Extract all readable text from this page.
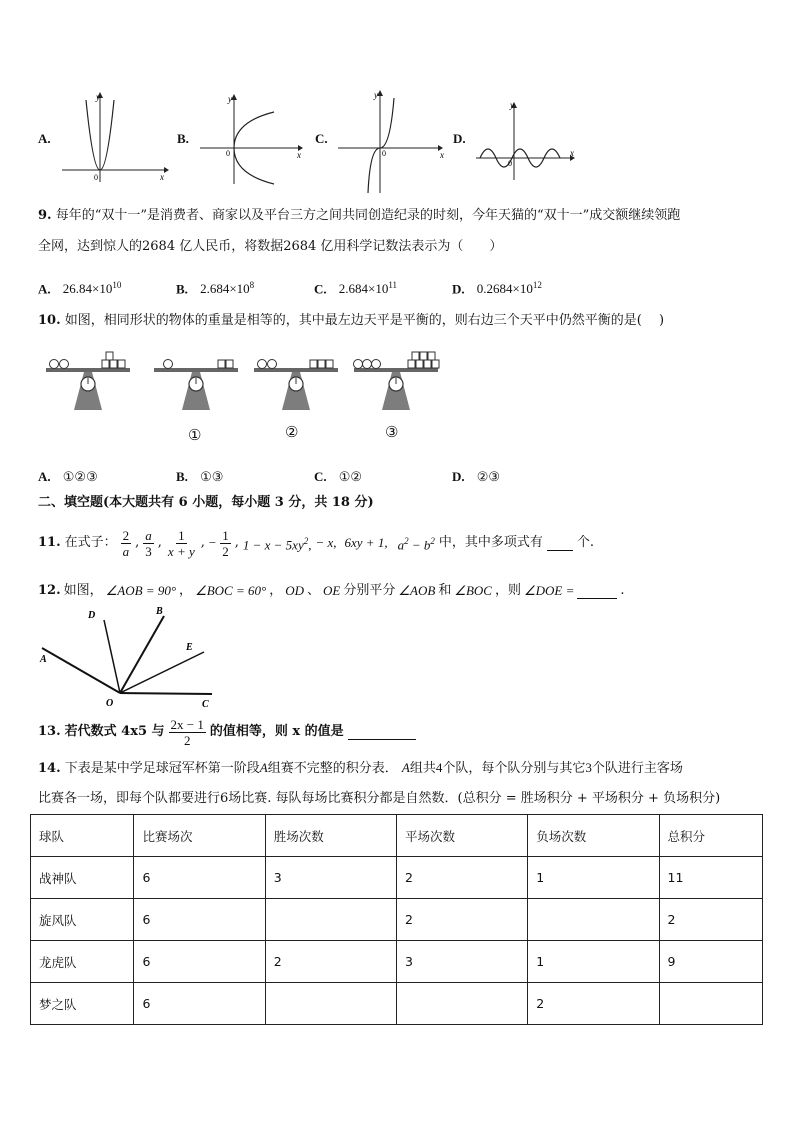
A.
y
x
0
B.
y
x
0
C.
y
x
0
D.
y
x
0
9. 每年的“双十一”是消费者、商家以及平台三方之间共同创造纪录的时刻，今年天猫的“双十一”成交额继续领跑
全网，达到惊人的2684 亿人民币，将数据2684 亿用科学记数法表示为（　　）
A. $26.84\times 10^{10}$	B. $2.684\times 10^8$	C. $2.684\times 10^{11}$	D. $0.2684\times 10^{12}$
10. 如图，相同形状的物体的重量是相等的，其中最左边天平是平衡的，则右边三个天平中仍然平衡的是(　 )
①	②	③
A. ①②③	B. ①③	C. ①②	D. ②③
二、填空题(本大题共有 6 小题，每小题 3 分，共 18 分)
11. 在式子： $\frac{2}{a}$ , $\frac{a}{3}$ , $\frac{1}{x + y}$ , − $\frac{1}{2}$ , $1 - x - 5xy^2$, − x, 6xy + 1, $a^2 - b^2$ 中，其中多项式有	个.
12. 如图， ∠AOB = 90° ， ∠BOC = 60° ， OD 、 OE 分别平分 ∠AOB 和 ∠BOC ，则 ∠DOE =	.
D	B
E
A
O	C
13. 若代数式 4x5 与 $\frac{2x - 1}{2}$ 的值相等，则 x 的值是
14. 下表是某中学足球冠军杯第一阶段A组赛不完整的积分表． A组共4个队，每个队分别与其它3个队进行主客场
比赛各一场，即每个队都要进行6场比赛. 每队每场比赛积分都是自然数．(总积分 = 胜场积分 + 平场积分 + 负场积分)
球队	比赛场次	胜场次数	平场次数	负场次数	总积分
战神队	6	3	2	1	11
旋风队	6		2		2
龙虎队	6	2	3	1	9
梦之队	6			2	
